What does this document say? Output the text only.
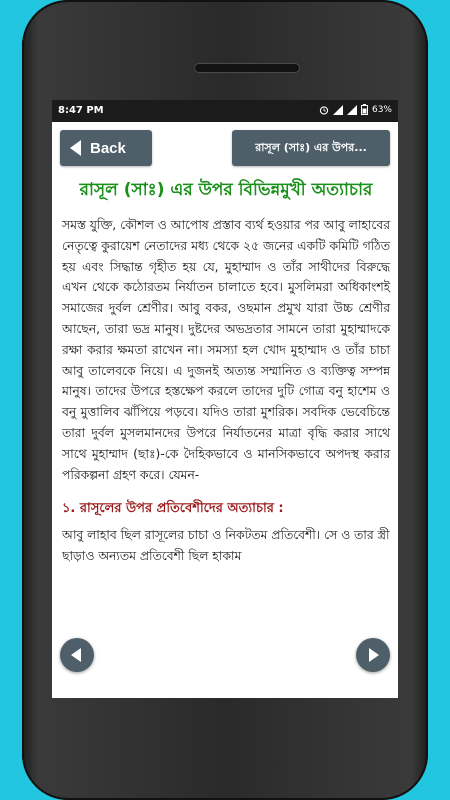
8:47 PM	63%
Back	রাসূল (সাঃ) এর উপর...
রাসূল (সাঃ) এর উপর বিভিন্নমুখী অত্যাচার

সমস্ত যুক্তি, কৌশল ও আপোষ প্রস্তাব ব্যর্থ হওয়ার পর আবু লাহাবের নেতৃত্বে কুরায়েশ নেতাদের মধ্য থেকে ২৫ জনের একটি কমিটি গঠিত হয় এবং সিদ্ধান্ত গৃহীত হয় যে, মুহাম্মাদ ও তাঁর সাথীদের বিরুদ্ধে এখন থেকে কঠোরতম নির্যাতন চালাতে হবে। মুসলিমরা অধিকাংশই সমাজের দুর্বল শ্রেণীর। আবু বকর, ওছমান প্রমুখ যারা উচ্চ শ্রেণীর আছেন, তারা ভদ্র মানুষ। দুষ্টদের অভদ্রতার সামনে তারা মুহাম্মাদকে রক্ষা করার ক্ষমতা রাখেন না। সমস্যা হল খোদ মুহাম্মাদ ও তাঁর চাচা আবু তালেবকে নিয়ে। এ দুজনই অত্যন্ত সম্মানিত ও ব্যক্তিত্ব সম্পন্ন মানুষ। তাদের উপরে হস্তক্ষেপ করলে তাদের দুটি গোত্র বনু হাশেম ও বনু মুত্তালিব ঝাঁপিয়ে পড়বে। যদিও তারা মুশরিক। সবদিক ভেবেচিন্তে তারা দুর্বল মুসলমানদের উপরে নির্যাতনের মাত্রা বৃদ্ধি করার সাথে সাথে মুহাম্মাদ (ছাঃ)-কে দৈহিকভাবে ও মানসিকভাবে অপদস্থ করার পরিকল্পনা গ্রহণ করে। যেমন-

১. রাসূলের উপর প্রতিবেশীদের অত্যাচার :

আবু লাহাব ছিল রাসূলের চাচা ও নিকটতম প্রতিবেশী। সে ও তার স্ত্রী ছাড়াও অন্যতম প্রতিবেশী ছিল হাকাম
